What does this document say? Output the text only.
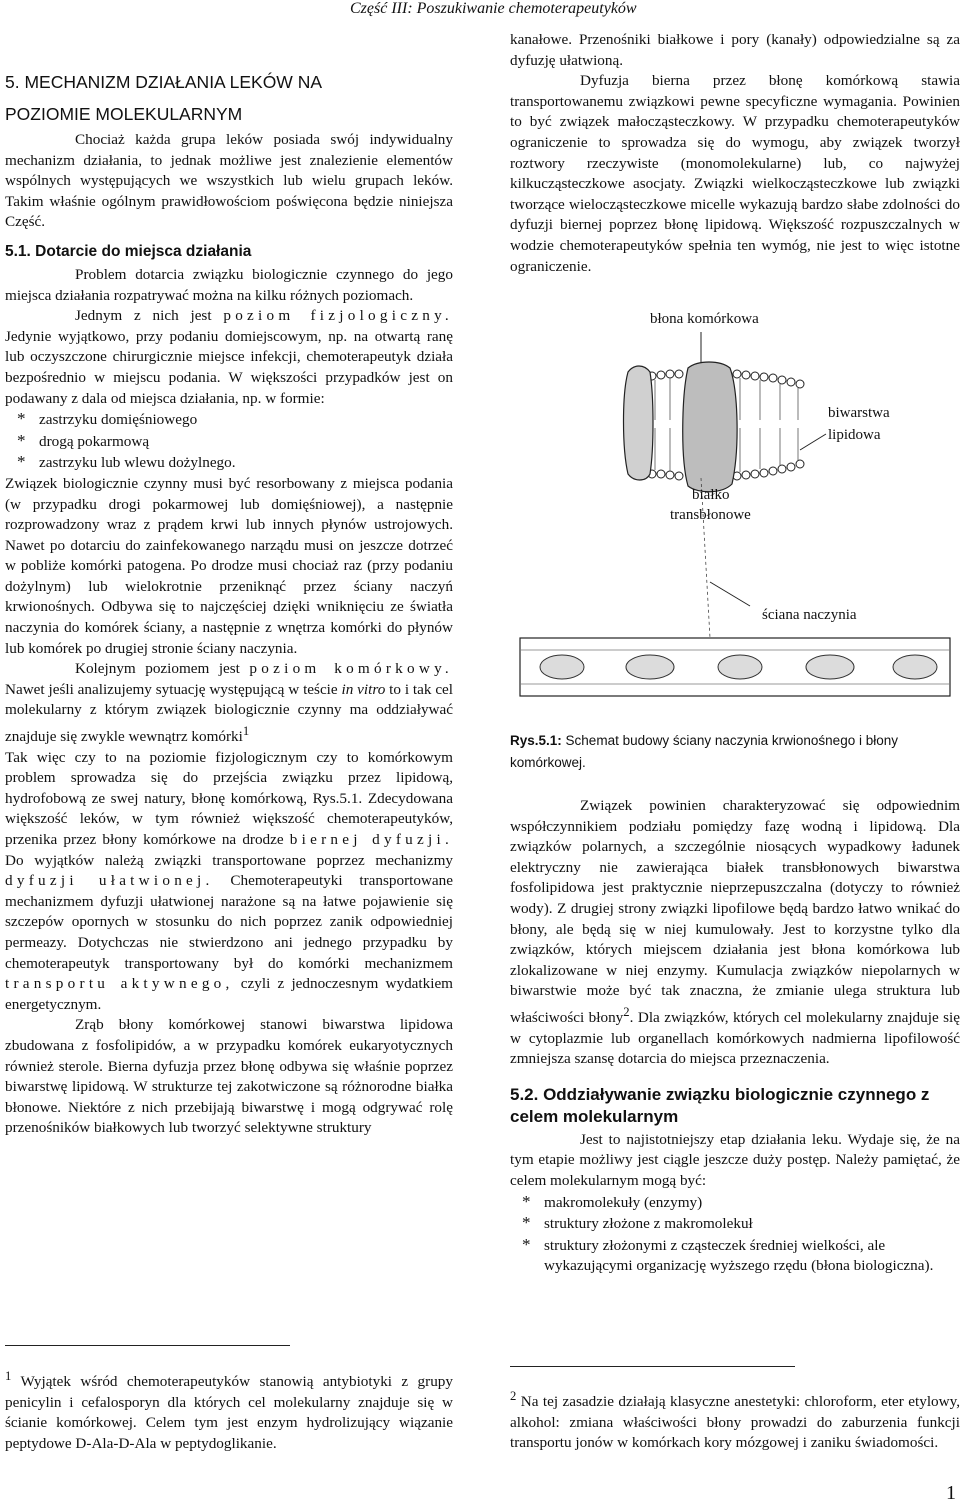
Część III: Poszukiwanie chemoterapeutyków
5. MECHANIZM DZIAŁANIA LEKÓW NA
POZIOMIE MOLEKULARNYM

Chociaż każda grupa leków posiada swój indywidualny mechanizm działania, to jednak możliwe jest znalezienie elementów wspólnych występujących we wszystkich lub wielu grupach leków. Takim właśnie ogólnym prawidłowościom poświęcona będzie niniejsza Część.

5.1. Dotarcie do miejsca działania

Problem dotarcia związku biologicznie czynnego do jego miejsca działania rozpatrywać można na kilku różnych poziomach.

Jednym z nich jest poziom fizjologiczny. Jedynie wyjątkowo, przy podaniu domiejscowym, np. na otwartą ranę lub oczyszczone chirurgicznie miejsce infekcji, chemoterapeutyk działa bezpośrednio w miejscu podania. W większości przypadków jest on podawany z dala od miejsca działania, np. w formie:

* zastrzyku domięśniowego

* drogą pokarmową

* zastrzyku lub wlewu dożylnego.

Związek biologicznie czynny musi być resorbowany z miejsca podania (w przypadku drogi pokarmowej lub domięśniowej), a następnie rozprowadzony wraz z prądem krwi lub innych płynów ustrojowych. Nawet po dotarciu do zainfekowanego narządu musi on jeszcze dotrzeć w pobliże komórki patogena. Po drodze musi chociaż raz (przy podaniu dożylnym) lub wielokrotnie przeniknąć przez ściany naczyń krwionośnych. Odbywa się to najczęściej dzięki wniknięciu ze światła naczynia do komórek ściany, a następnie z wnętrza komórki do płynów lub komórek po drugiej stronie ściany naczynia.

Kolejnym poziomem jest poziom komórkowy. Nawet jeśli analizujemy sytuację występującą w teście in vitro to i tak cel molekularny z którym związek biologicznie czynny ma oddziaływać znajduje się zwykle wewnątrz komórki$^1$

Tak więc czy to na poziomie fizjologicznym czy to komórkowym problem sprowadza się do przejścia związku przez lipidową, hydrofobową ze swej natury, błonę komórkową, Rys.5.1. Zdecydowana większość leków, w tym również większość chemoterapeutyków, przenika przez błony komórkowe na drodze biernej dyfuzji. Do wyjątków należą związki transportowane poprzez mechanizmy dyfuzji ułatwionej. Chemoterapeutyki transportowane mechanizmem dyfuzji ułatwionej narażone są na łatwe pojawienie się szczepów opornych w stosunku do nich poprzez zanik odpowiedniej permeazy. Dotychczas nie stwierdzono ani jednego przypadku by chemoterapeutyk transportowany był do komórki mechanizmem transportu aktywnego, czyli z jednoczesnym wydatkiem energetycznym.

Zrąb błony komórkowej stanowi biwarstwa lipidowa zbudowana z fosfolipidów, a w przypadku komórek eukaryotycznych również sterole. Bierna dyfuzja przez błonę odbywa się właśnie poprzez biwarstwę lipidową. W strukturze tej zakotwiczone są różnorodne białka błonowe. Niektóre z nich przebijają biwarstwę i mogą odgrywać rolę przenośników białkowych lub tworzyć selektywne struktury

$^1$ Wyjątek wśród chemoterapeutyków stanowią antybiotyki z grupy penicylin i cefalosporyn dla których cel molekularny znajduje się w ścianie komórkowej. Celem tym jest enzym hydrolizujący wiązanie peptydowe D-Ala-D-Ala w peptydoglikanie.

kanałowe. Przenośniki białkowe i pory (kanały) odpowiedzialne są za dyfuzję ułatwioną.

Dyfuzja bierna przez błonę komórkową stawia transportowanemu związkowi pewne specyficzne wymagania. Powinien to być związek małocząsteczkowy. W przypadku chemoterapeutyków ograniczenie to sprowadza się do wymogu, aby związek tworzył roztwory rzeczywiste (monomolekularne) lub, co najwyżej kilkucząsteczkowe asocjaty. Związki wielkocząsteczkowe lub związki tworzące wielocząsteczkowe micelle wykazują bardzo słabe zdolności do dyfuzji biernej poprzez błonę lipidową. Większość rozpuszczalnych w wodzie chemoterapeutyków spełnia ten wymóg, nie jest to więc istotne ograniczenie.

błona komórkowa
biwarstwa
lipidowa
białko
transbłonowe
ściana naczynia

Rys.5.1: Schemat budowy ściany naczynia krwionośnego i błony komórkowej.

Związek powinien charakteryzować się odpowiednim współczynnikiem podziału pomiędzy fazę wodną i lipidową. Dla związków polarnych, a szczególnie niosących wypadkowy ładunek elektryczny nie zawierająca białek transbłonowych biwarstwa fosfolipidowa jest praktycznie nieprzepuszczalna (dotyczy to również wody). Z drugiej strony związki lipofilowe będą bardzo łatwo wnikać do błony, ale będą się w niej kumulowały. Jest to korzystne tylko dla związków, których miejscem działania jest błona komórkowa lub zlokalizowane w niej enzymy. Kumulacja związków niepolarnych w biwarstwie może być tak znaczna, że zmianie ulega struktura lub właściwości błony$^2$. Dla związków, których cel molekularny znajduje się w cytoplazmie lub organellach komórkowych nadmierna lipofilowość zmniejsza szansę dotarcia do miejsca przeznaczenia.

5.2. Oddziaływanie związku biologicznie czynnego z celem molekularnym

Jest to najistotniejszy etap działania leku. Wydaje się, że na tym etapie możliwy jest ciągle jeszcze duży postęp. Należy pamiętać, że celem molekularnym mogą być:

* makromolekuły (enzymy)

* struktury złożone z makromolekuł

* struktury złożonymi z cząsteczek średniej wielkości, ale wykazującymi organizację wyższego rzędu (błona biologiczna).

$^2$ Na tej zasadzie działają klasyczne anestetyki: chloroform, eter etylowy, alkohol: zmiana właściwości błony prowadzi do zaburzenia funkcji transportu jonów w komórkach kory mózgowej i zaniku świadomości.
1
